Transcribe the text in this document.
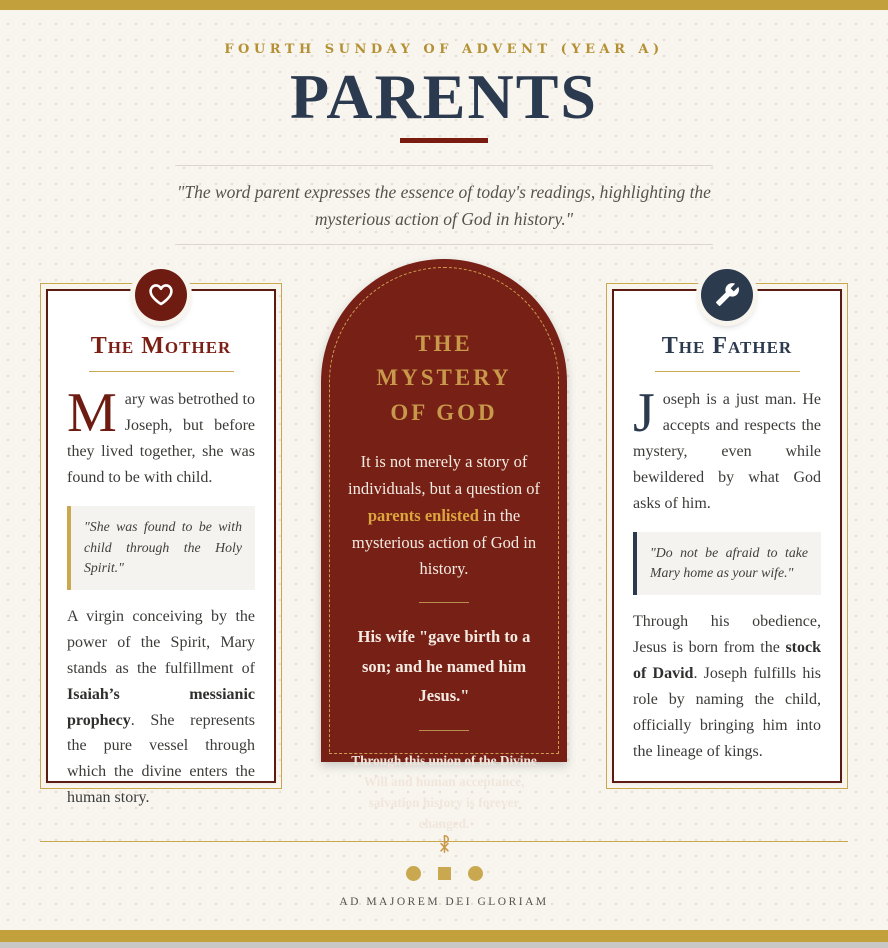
FOURTH SUNDAY OF ADVENT (YEAR A)
PARENTS
"The word parent expresses the essence of today's readings, highlighting the mysterious action of God in history."
The Mother
Mary was betrothed to Joseph, but before they lived together, she was found to be with child.
"She was found to be with child through the Holy Spirit."
A virgin conceiving by the power of the Spirit, Mary stands as the fulfillment of Isaiah’s messianic prophecy. She represents the pure vessel through which the divine enters the human story.
THE MYSTERY
OF GOD
It is not merely a story of individuals, but a question of parents enlisted in the mysterious action of God in history.
His wife "gave birth to a son; and he named him Jesus."
Through this union of the Divine Will and human acceptance, salvation history is forever changed.
The Father
Joseph is a just man. He accepts and respects the mystery, even while bewildered by what God asks of him.
"Do not be afraid to take Mary home as your wife."
Through his obedience, Jesus is born from the stock of David. Joseph fulfills his role by naming the child, officially bringing him into the lineage of kings.
AD MAJOREM DEI GLORIAM
